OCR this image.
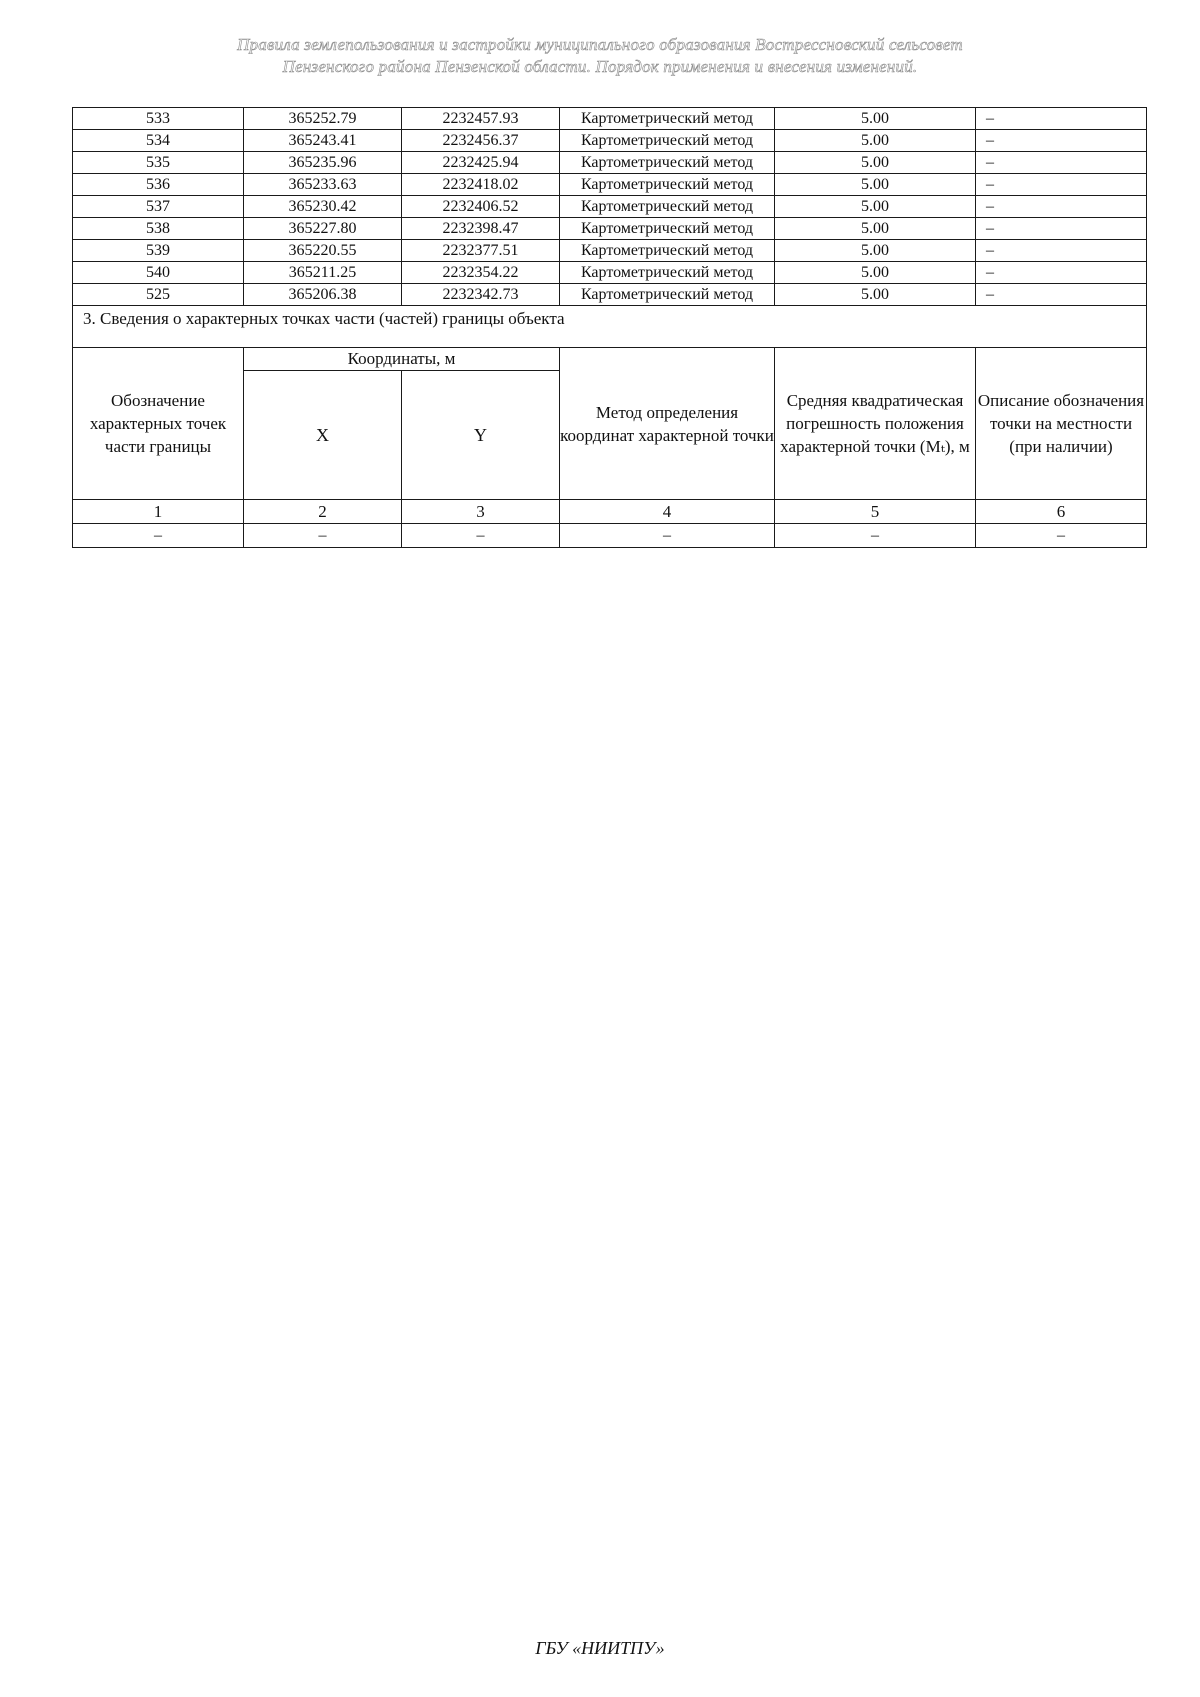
Правила землепользования и застройки муниципального образования Вострессновский сельсовет
Пензенского района Пензенской области. Порядок применения и внесения изменений.
533	365252.79	2232457.93	Картометрический метод	5.00	–
534	365243.41	2232456.37	Картометрический метод	5.00	–
535	365235.96	2232425.94	Картометрический метод	5.00	–
536	365233.63	2232418.02	Картометрический метод	5.00	–
537	365230.42	2232406.52	Картометрический метод	5.00	–
538	365227.80	2232398.47	Картометрический метод	5.00	–
539	365220.55	2232377.51	Картометрический метод	5.00	–
540	365211.25	2232354.22	Картометрический метод	5.00	–
525	365206.38	2232342.73	Картометрический метод	5.00	–
3. Сведения о характерных точках части (частей) границы объекта					
Обозначение характерных точек части границы	Координаты, м		Метод определения координат характерной точки	Средняя квадратическая погрешность положения характерной точки (Mₜ), м	Описание обозначения точки на местности (при наличии)
	X	Y			
1	2	3	4	5	6
–	–	–	–	–	–
ГБУ «НИИТПУ»
